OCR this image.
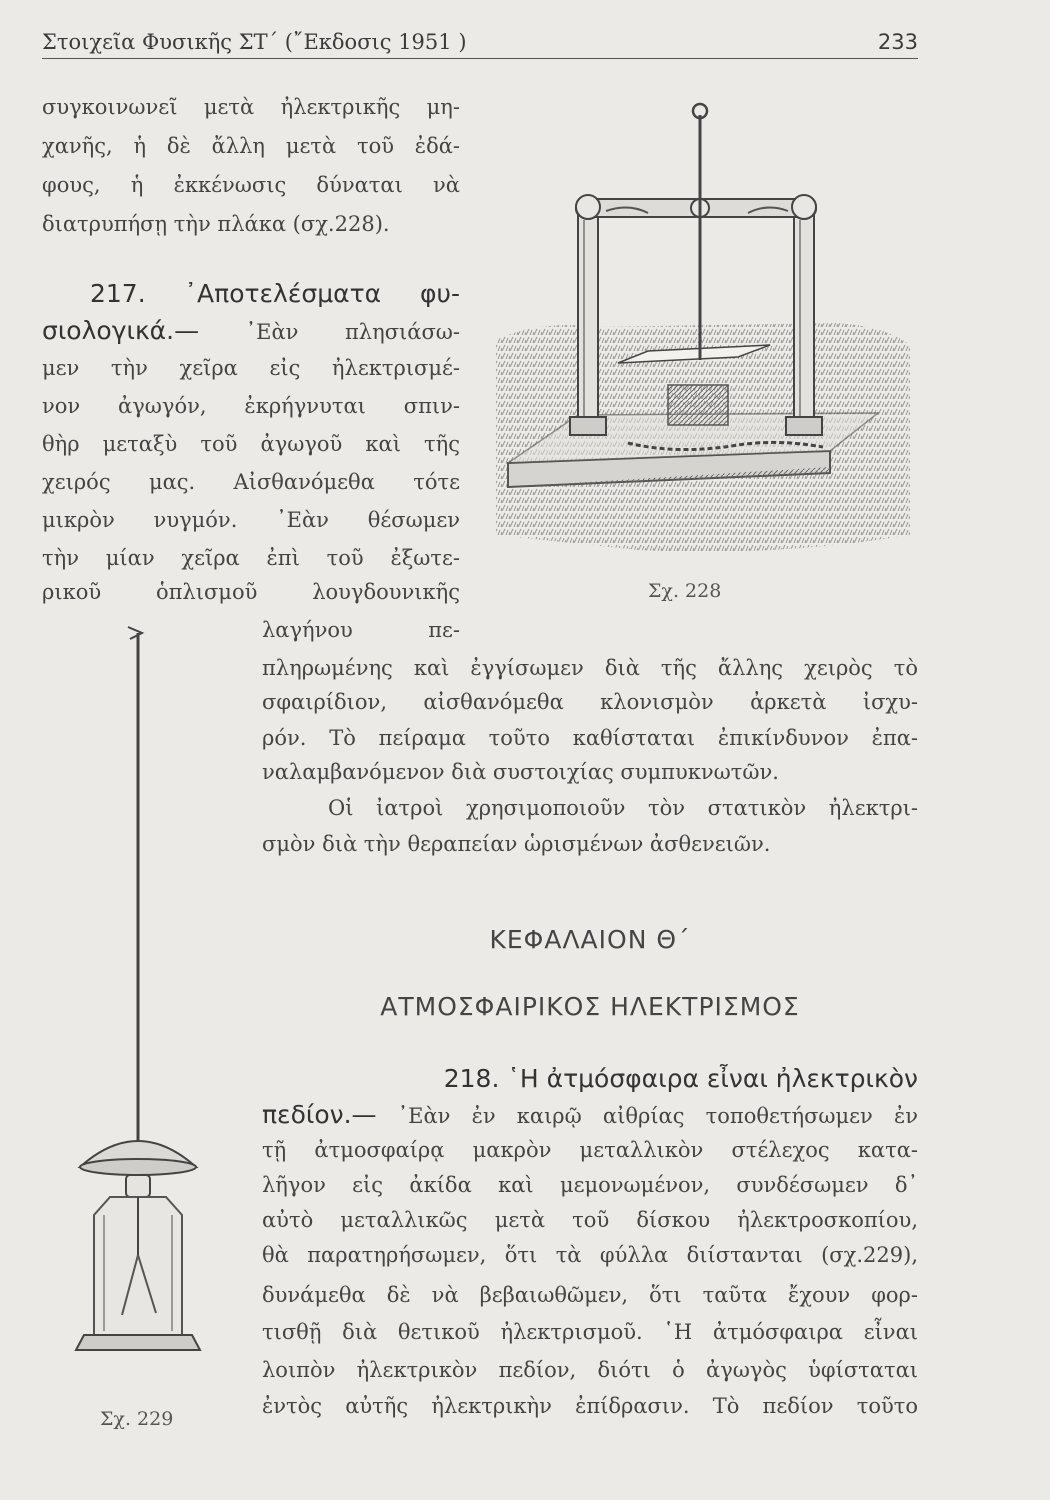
Στοιχεῖα Φυσικῆς ΣΤ΄ (῎Εκδοσις 1951 )	233
συγκοινωνεῖ μετὰ ἠλεκτρικῆς μη-
χανῆς, ἡ δὲ ἄλλη μετὰ τοῦ ἐδά-
φους, ἡ ἐκκένωσις δύναται νὰ
διατρυπήσῃ τὴν πλάκα (σχ.228).
217. ᾿Αποτελέσματα φυ-
σιολογικά.— ᾿Εὰν πλησιάσω-
μεν τὴν χεῖρα εἰς ἠλεκτρισμέ-
νον ἀγωγόν, ἐκρήγνυται σπιν-
θὴρ μεταξὺ τοῦ ἀγωγοῦ καὶ τῆς
χειρός μας. Αἰσθανόμεθα τότε
μικρὸν νυγμόν. ᾿Εὰν θέσωμεν
τὴν μίαν χεῖρα ἐπὶ τοῦ ἐξωτε-
ρικοῦ ὁπλισμοῦ λουγδουνικῆς
λαγήνου πε-
πληρωμένης καὶ ἐγγίσωμεν διὰ τῆς ἄλλης χειρὸς τὸ
σφαιρίδιον, αἰσθανόμεθα κλονισμὸν ἀρκετὰ ἰσχυ-
ρόν. Τὸ πείραμα τοῦτο καθίσταται ἐπικίνδυνον ἐπα-
ναλαμβανόμενον διὰ συστοιχίας συμπυκνωτῶν.
Οἱ ἰατροὶ χρησιμοποιοῦν τὸν στατικὸν ἠλεκτρι-
σμὸν διὰ τὴν θεραπείαν ὡρισμένων ἀσθενειῶν.
ΚΕΦΑΛΑΙΟΝ Θ΄
ΑΤΜΟΣΦΑΙΡΙΚΟΣ ΗΛΕΚΤΡΙΣΜΟΣ
218. ῾Η ἀτμόσφαιρα εἶναι ἠλεκτρικὸν
πεδίον.— ᾿Εὰν ἐν καιρῷ αἰθρίας τοποθετήσωμεν ἐν
τῇ ἀτμοσφαίρᾳ μακρὸν μεταλλικὸν στέλεχος κατα-
λῆγον εἰς ἀκίδα καὶ μεμονωμένον, συνδέσωμεν δ᾿
αὐτὸ μεταλλικῶς μετὰ τοῦ δίσκου ἠλεκτροσκοπίου,
θὰ παρατηρήσωμεν, ὅτι τὰ φύλλα διίστανται (σχ.229),
δυνάμεθα δὲ νὰ βεβαιωθῶμεν, ὅτι ταῦτα ἔχουν φορ-
τισθῇ διὰ θετικοῦ ἠλεκτρισμοῦ. ῾Η ἀτμόσφαιρα εἶναι
λοιπὸν ἠλεκτρικὸν πεδίον, διότι ὁ ἀγωγὸς ὑφίσταται
ἐντὸς αὐτῆς ἠλεκτρικὴν ἐπίδρασιν. Τὸ πεδίον τοῦτο
Σχ. 228
Σχ. 229
